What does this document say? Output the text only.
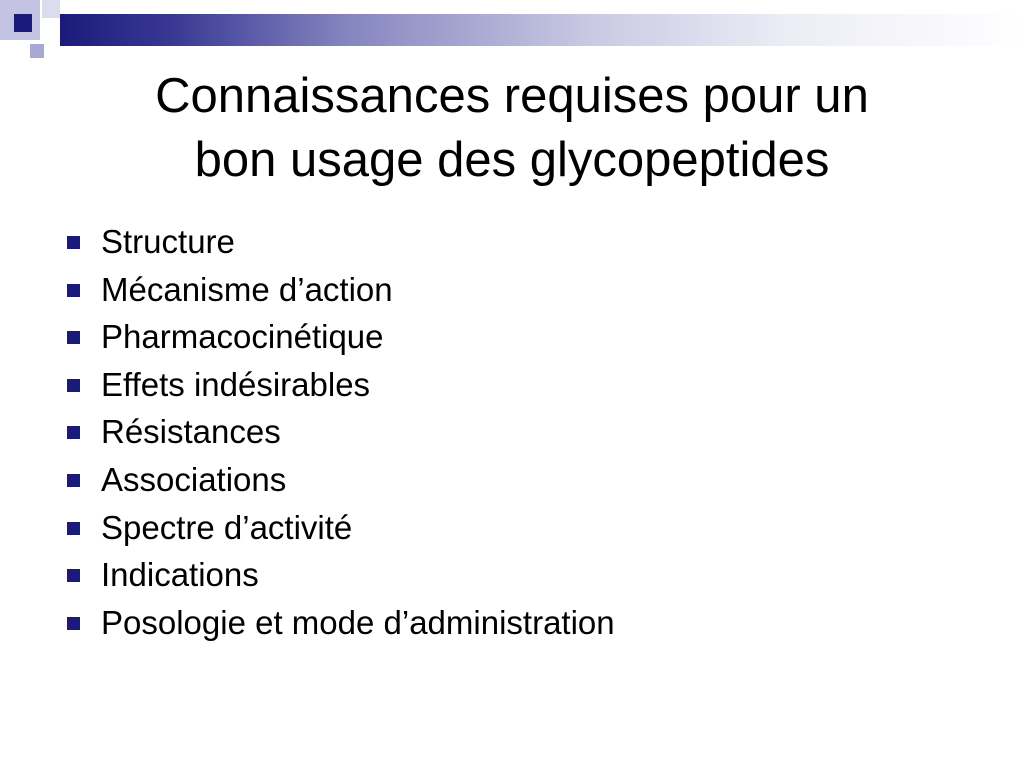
Connaissances requises pour un
bon usage des glycopeptides
Structure
Mécanisme d’action
Pharmacocinétique
Effets indésirables
Résistances
Associations
Spectre d’activité
Indications
Posologie et mode d’administration
